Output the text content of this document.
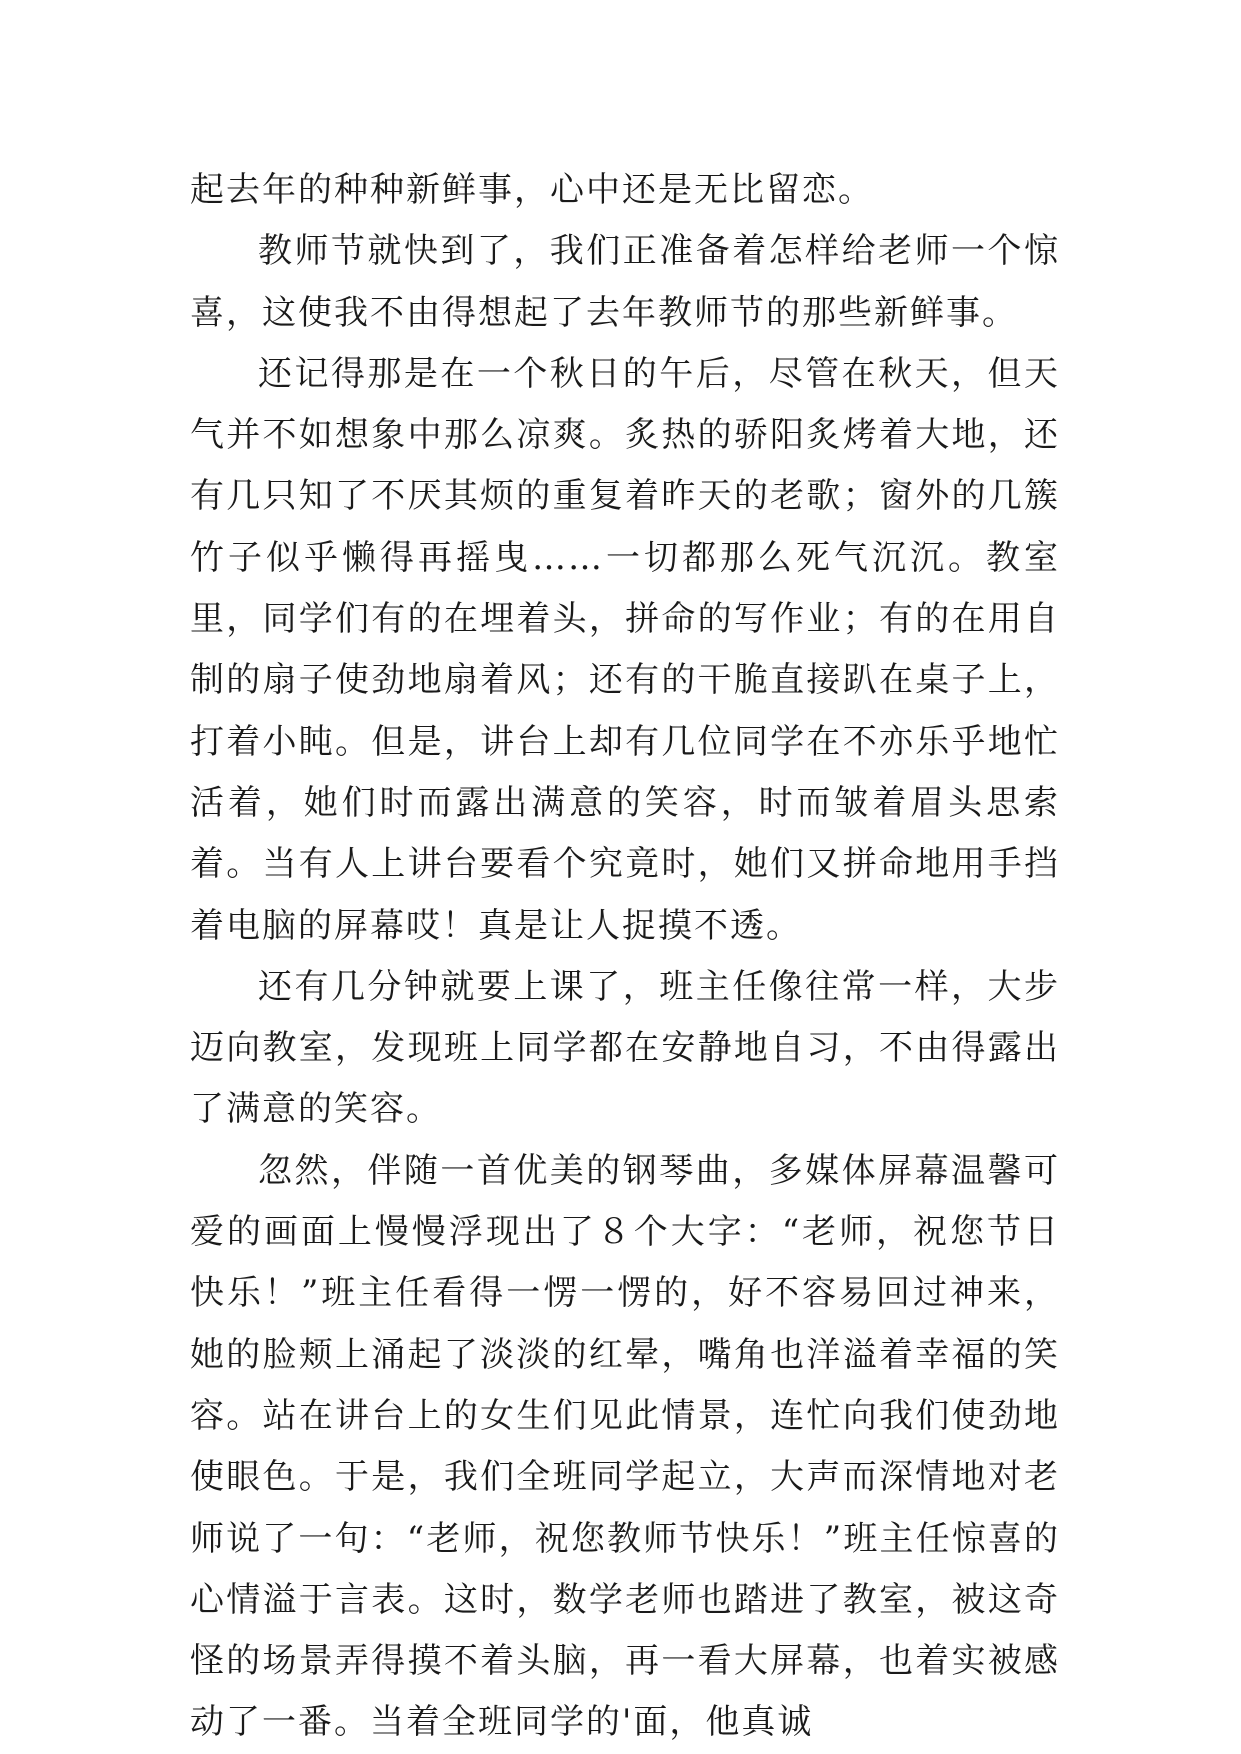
起去年的种种新鲜事，心中还是无比留恋。

教师节就快到了，我们正准备着怎样给老师一个惊喜，这使我不由得想起了去年教师节的那些新鲜事。

还记得那是在一个秋日的午后，尽管在秋天，但天气并不如想象中那么凉爽。炙热的骄阳炙烤着大地，还有几只知了不厌其烦的重复着昨天的老歌；窗外的几簇竹子似乎懒得再摇曳……一切都那么死气沉沉。教室里，同学们有的在埋着头，拼命的写作业；有的在用自制的扇子使劲地扇着风；还有的干脆直接趴在桌子上，打着小盹。但是，讲台上却有几位同学在不亦乐乎地忙活着，她们时而露出满意的笑容，时而皱着眉头思索着。当有人上讲台要看个究竟时，她们又拼命地用手挡着电脑的屏幕哎！真是让人捉摸不透。

还有几分钟就要上课了，班主任像往常一样，大步迈向教室，发现班上同学都在安静地自习，不由得露出了满意的笑容。

忽然，伴随一首优美的钢琴曲，多媒体屏幕温馨可爱的画面上慢慢浮现出了８个大字：“老师，祝您节日快乐！”班主任看得一愣一愣的，好不容易回过神来，她的脸颊上涌起了淡淡的红晕，嘴角也洋溢着幸福的笑容。站在讲台上的女生们见此情景，连忙向我们使劲地使眼色。于是，我们全班同学起立，大声而深情地对老师说了一句：“老师，祝您教师节快乐！”班主任惊喜的心情溢于言表。这时，数学老师也踏进了教室，被这奇怪的场景弄得摸不着头脑，再一看大屏幕，也着实被感动了一番。当着全班同学的'面，他真诚
